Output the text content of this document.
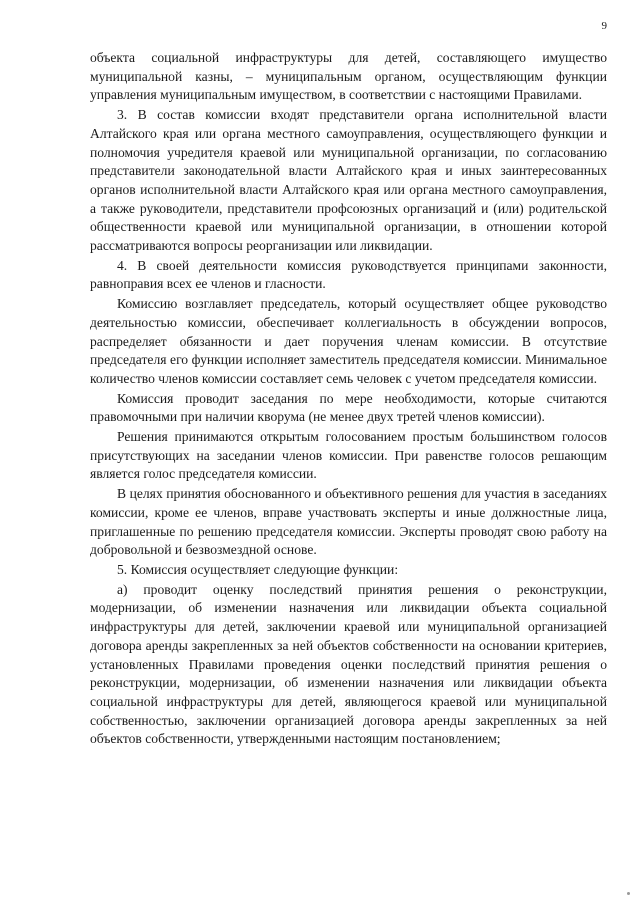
9

объекта социальной инфраструктуры для детей, составляющего имущество муниципальной казны, – муниципальным органом, осуществляющим функции управления муниципальным имуществом, в соответствии с настоящими Правилами.

3. В состав комиссии входят представители органа исполнительной власти Алтайского края или органа местного самоуправления, осуществляющего функции и полномочия учредителя краевой или муниципальной организации, по согласованию представители законодательной власти Алтайского края и иных заинтересованных органов исполнительной власти Алтайского края или органа местного самоуправления, а также руководители, представители профсоюзных организаций и (или) родительской общественности краевой или муниципальной организации, в отношении которой рассматриваются вопросы реорганизации или ликвидации.

4. В своей деятельности комиссия руководствуется принципами законности, равноправия всех ее членов и гласности.

Комиссию возглавляет председатель, который осуществляет общее руководство деятельностью комиссии, обеспечивает коллегиальность в обсуждении вопросов, распределяет обязанности и дает поручения членам комиссии. В отсутствие председателя его функции исполняет заместитель председателя комиссии. Минимальное количество членов комиссии составляет семь человек с учетом председателя комиссии.

Комиссия проводит заседания по мере необходимости, которые считаются правомочными при наличии кворума (не менее двух третей членов комиссии).

Решения принимаются открытым голосованием простым большинством голосов присутствующих на заседании членов комиссии. При равенстве голосов решающим является голос председателя комиссии.

В целях принятия обоснованного и объективного решения для участия в заседаниях комиссии, кроме ее членов, вправе участвовать эксперты и иные должностные лица, приглашенные по решению председателя комиссии. Эксперты проводят свою работу на добровольной и безвозмездной основе.

5. Комиссия осуществляет следующие функции:

а) проводит оценку последствий принятия решения о реконструкции, модернизации, об изменении назначения или ликвидации объекта социальной инфраструктуры для детей, заключении краевой или муниципальной организацией договора аренды закрепленных за ней объектов собственности на основании критериев, установленных Правилами проведения оценки последствий принятия решения о реконструкции, модернизации, об изменении назначения или ликвидации объекта социальной инфраструктуры для детей, являющегося краевой или муниципальной собственностью, заключении организацией договора аренды закрепленных за ней объектов собственности, утвержденными настоящим постановлением;
